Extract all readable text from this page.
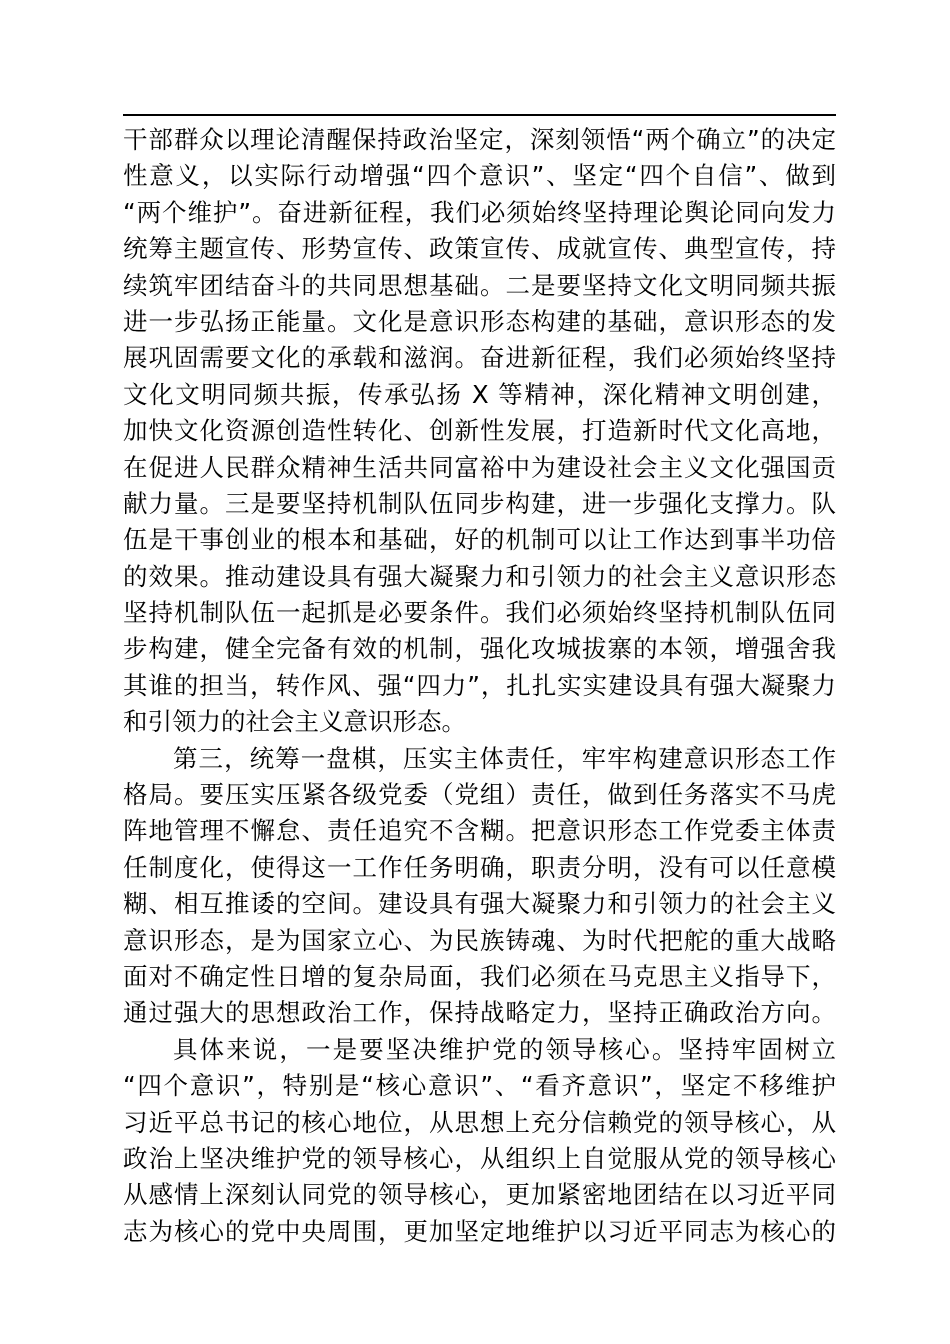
干部群众以理论清醒保持政治坚定，深刻领悟“两个确立”的决定
性意义，以实际行动增强“四个意识”、坚定“四个自信”、做到
“两个维护”。奋进新征程，我们必须始终坚持理论舆论同向发力
统筹主题宣传、形势宣传、政策宣传、成就宣传、典型宣传，持
续筑牢团结奋斗的共同思想基础。二是要坚持文化文明同频共振
进一步弘扬正能量。文化是意识形态构建的基础，意识形态的发
展巩固需要文化的承载和滋润。奋进新征程，我们必须始终坚持
文化文明同频共振，传承弘扬 X 等精神，深化精神文明创建，
加快文化资源创造性转化、创新性发展，打造新时代文化高地，
在促进人民群众精神生活共同富裕中为建设社会主义文化强国贡
献力量。三是要坚持机制队伍同步构建，进一步强化支撑力。队
伍是干事创业的根本和基础，好的机制可以让工作达到事半功倍
的效果。推动建设具有强大凝聚力和引领力的社会主义意识形态
坚持机制队伍一起抓是必要条件。我们必须始终坚持机制队伍同
步构建，健全完备有效的机制，强化攻城拔寨的本领，增强舍我
其谁的担当，转作风、强“四力”，扎扎实实建设具有强大凝聚力
和引领力的社会主义意识形态。
第三，统筹一盘棋，压实主体责任，牢牢构建意识形态工作
格局。要压实压紧各级党委（党组）责任，做到任务落实不马虎
阵地管理不懈怠、责任追究不含糊。把意识形态工作党委主体责
任制度化，使得这一工作任务明确，职责分明，没有可以任意模
糊、相互推诿的空间。建设具有强大凝聚力和引领力的社会主义
意识形态，是为国家立心、为民族铸魂、为时代把舵的重大战略
面对不确定性日增的复杂局面，我们必须在马克思主义指导下，
通过强大的思想政治工作，保持战略定力，坚持正确政治方向。
具体来说，一是要坚决维护党的领导核心。坚持牢固树立
“四个意识”，特别是“核心意识”、“看齐意识”，坚定不移维护
习近平总书记的核心地位，从思想上充分信赖党的领导核心，从
政治上坚决维护党的领导核心，从组织上自觉服从党的领导核心
从感情上深刻认同党的领导核心，更加紧密地团结在以习近平同
志为核心的党中央周围，更加坚定地维护以习近平同志为核心的
